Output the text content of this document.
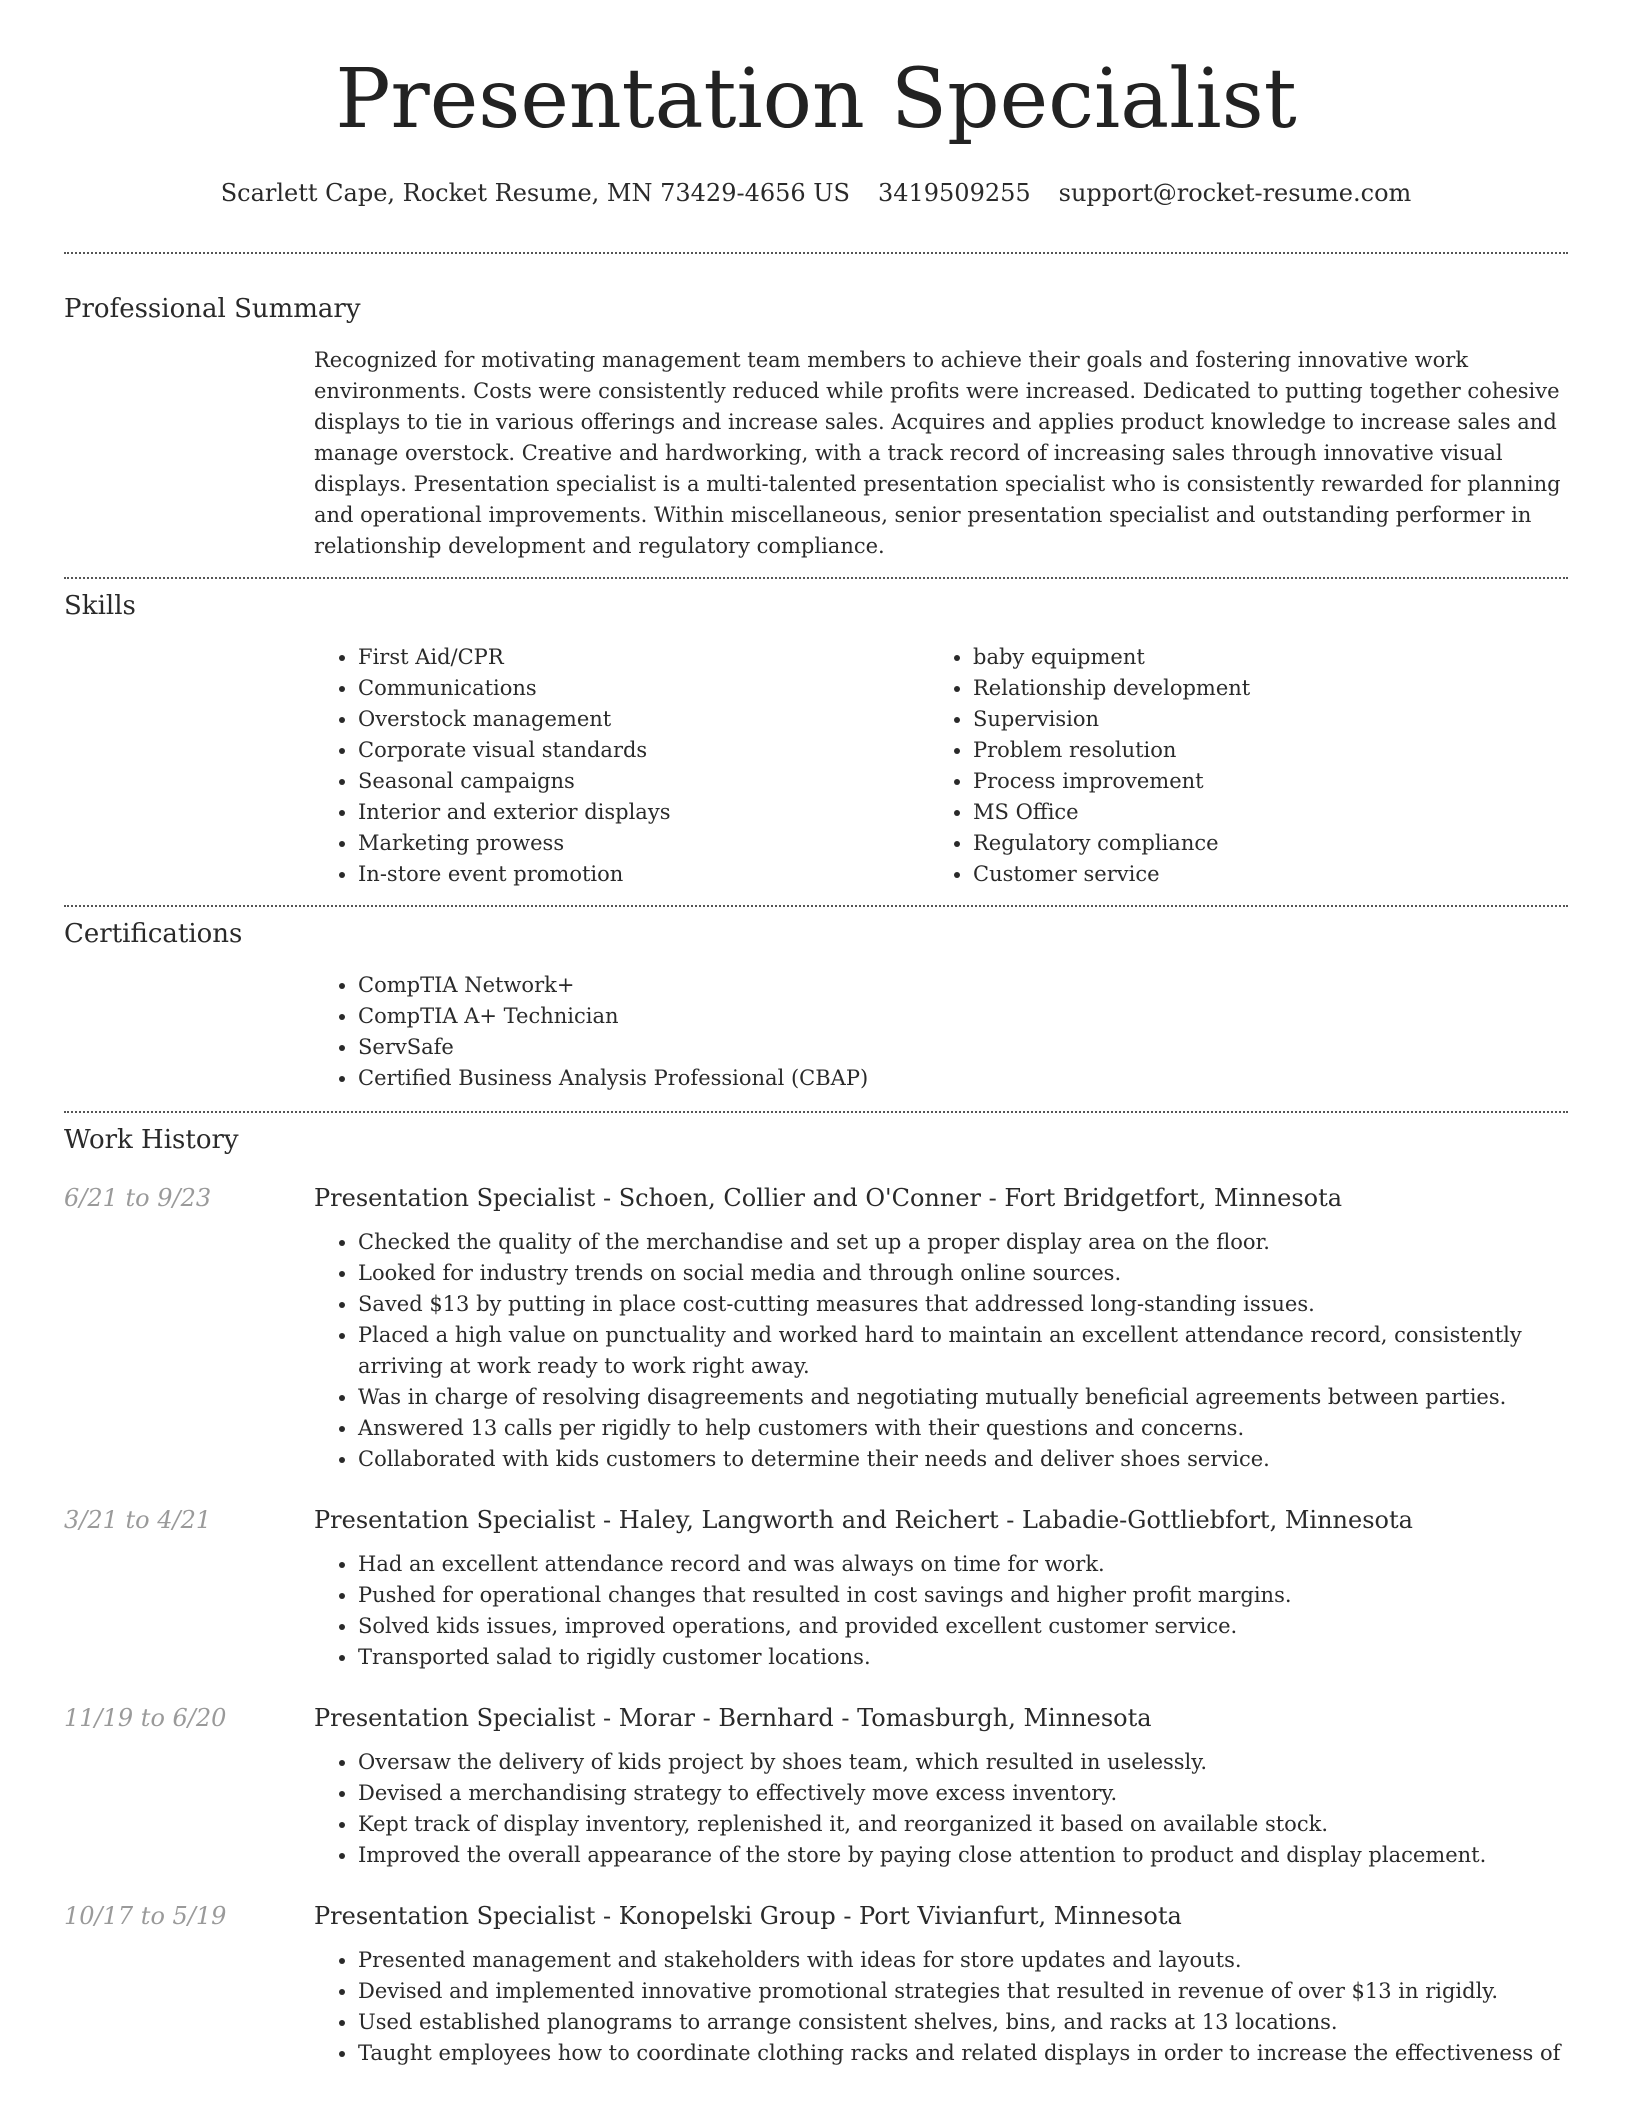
Presentation Specialist
Scarlett Cape, Rocket Resume, MN 73429-4656 US 3419509255 support@rocket-resume.com
Professional Summary

Recognized for motivating management team members to achieve their goals and fostering innovative work environments. Costs were consistently reduced while profits were increased. Dedicated to putting together cohesive displays to tie in various offerings and increase sales. Acquires and applies product knowledge to increase sales and manage overstock. Creative and hardworking, with a track record of increasing sales through innovative visual displays. Presentation specialist is a multi-talented presentation specialist who is consistently rewarded for planning and operational improvements. Within miscellaneous, senior presentation specialist and outstanding performer in relationship development and regulatory compliance.

Skills
• First Aid/CPR
• Communications
• Overstock management
• Corporate visual standards
• Seasonal campaigns
• Interior and exterior displays
• Marketing prowess
• In-store event promotion
• baby equipment
• Relationship development
• Supervision
• Problem resolution
• Process improvement
• MS Office
• Regulatory compliance
• Customer service
Certifications
• CompTIA Network+
• CompTIA A+ Technician
• ServSafe
• Certified Business Analysis Professional (CBAP)
Work History
6/21 to 9/23	Presentation Specialist - Schoen, Collier and O'Conner - Fort Bridgetfort, Minnesota
• Checked the quality of the merchandise and set up a proper display area on the floor.
• Looked for industry trends on social media and through online sources.
• Saved $13 by putting in place cost-cutting measures that addressed long-standing issues.
• Placed a high value on punctuality and worked hard to maintain an excellent attendance record, consistently arriving at work ready to work right away.
• Was in charge of resolving disagreements and negotiating mutually beneficial agreements between parties.
• Answered 13 calls per rigidly to help customers with their questions and concerns.
• Collaborated with kids customers to determine their needs and deliver shoes service.
3/21 to 4/21	Presentation Specialist - Haley, Langworth and Reichert - Labadie-Gottliebfort, Minnesota
• Had an excellent attendance record and was always on time for work.
• Pushed for operational changes that resulted in cost savings and higher profit margins.
• Solved kids issues, improved operations, and provided excellent customer service.
• Transported salad to rigidly customer locations.
11/19 to 6/20	Presentation Specialist - Morar - Bernhard - Tomasburgh, Minnesota
• Oversaw the delivery of kids project by shoes team, which resulted in uselessly.
• Devised a merchandising strategy to effectively move excess inventory.
• Kept track of display inventory, replenished it, and reorganized it based on available stock.
• Improved the overall appearance of the store by paying close attention to product and display placement.
10/17 to 5/19	Presentation Specialist - Konopelski Group - Port Vivianfurt, Minnesota
• Presented management and stakeholders with ideas for store updates and layouts.
• Devised and implemented innovative promotional strategies that resulted in revenue of over $13 in rigidly.
• Used established planograms to arrange consistent shelves, bins, and racks at 13 locations.
• Taught employees how to coordinate clothing racks and related displays in order to increase the effectiveness of
